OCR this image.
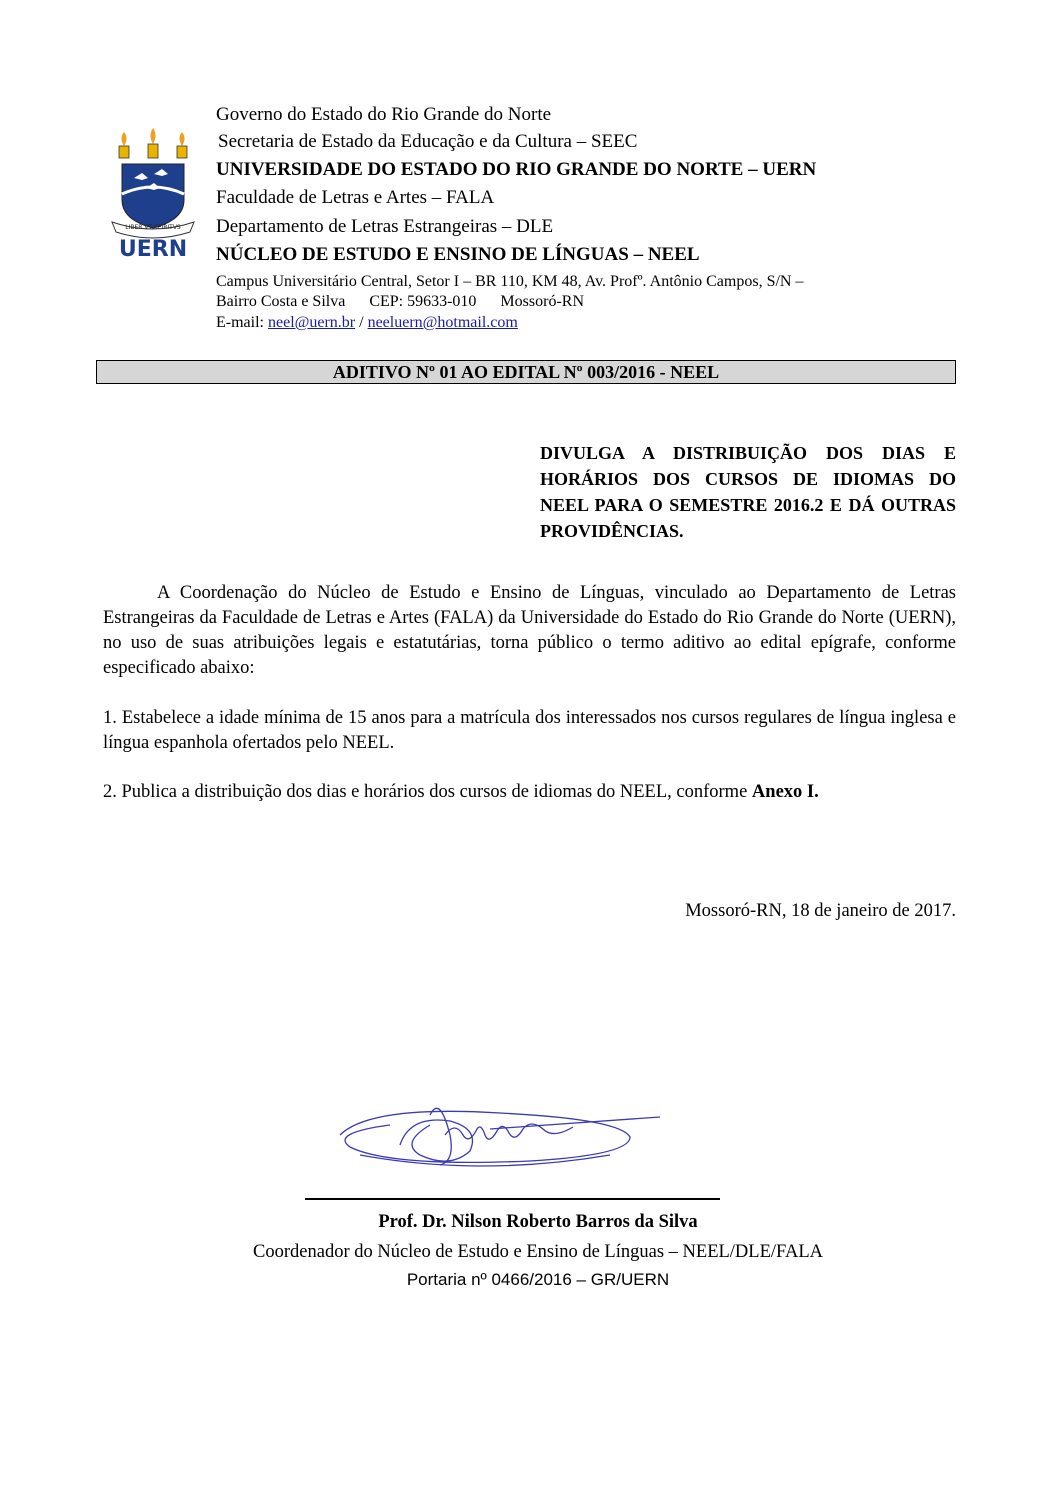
LIBER VT SPIRITVS
UERN
Governo do Estado do Rio Grande do Norte
Secretaria de Estado da Educação e da Cultura – SEEC
UNIVERSIDADE DO ESTADO DO RIO GRANDE DO NORTE – UERN
Faculdade de Letras e Artes – FALA
Departamento de Letras Estrangeiras – DLE
NÚCLEO DE ESTUDO E ENSINO DE LÍNGUAS – NEEL
Campus Universitário Central, Setor I – BR 110, KM 48, Av. Profº. Antônio Campos, S/N –
Bairro Costa e Silva      CEP: 59633-010      Mossoró-RN
E-mail: neel@uern.br / neeluern@hotmail.com
ADITIVO Nº 01 AO EDITAL Nº 003/2016 - NEEL
DIVULGA A DISTRIBUIÇÃO DOS DIAS E HORÁRIOS DOS CURSOS DE IDIOMAS DO NEEL PARA O SEMESTRE 2016.2 E DÁ OUTRAS PROVIDÊNCIAS.
A Coordenação do Núcleo de Estudo e Ensino de Línguas, vinculado ao Departamento de Letras Estrangeiras da Faculdade de Letras e Artes (FALA) da Universidade do Estado do Rio Grande do Norte (UERN), no uso de suas atribuições legais e estatutárias, torna público o termo aditivo ao edital epígrafe, conforme especificado abaixo:
1. Estabelece a idade mínima de 15 anos para a matrícula dos interessados nos cursos regulares de língua inglesa e língua espanhola ofertados pelo NEEL.
2. Publica a distribuição dos dias e horários dos cursos de idiomas do NEEL, conforme Anexo I.
Mossoró-RN, 18 de janeiro de 2017.
Prof. Dr. Nilson Roberto Barros da Silva
Coordenador do Núcleo de Estudo e Ensino de Línguas – NEEL/DLE/FALA
Portaria nº 0466/2016 – GR/UERN
